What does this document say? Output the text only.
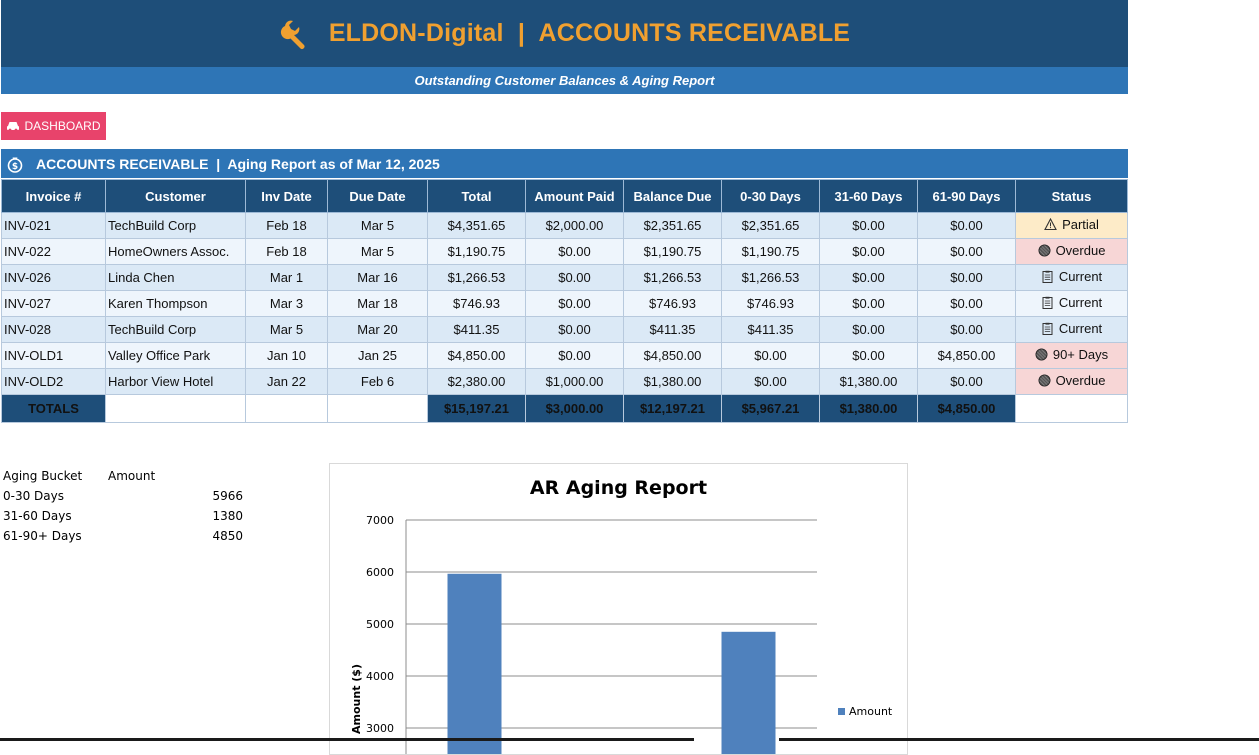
ELDON-Digital  |  ACCOUNTS RECEIVABLE
Outstanding Customer Balances & Aging Report
DASHBOARD
$ ACCOUNTS RECEIVABLE  |  Aging Report as of Mar 12, 2025
Invoice #	Customer	Inv Date	Due Date	Total	Amount Paid	Balance Due	0-30 Days	31-60 Days	61-90 Days	Status
INV-021	TechBuild Corp	Feb 18	Mar 5	$4,351.65	$2,000.00	$2,351.65	$2,351.65	$0.00	$0.00	Partial

INV-022	HomeOwners Assoc.	Feb 18	Mar 5	$1,190.75	$0.00	$1,190.75	$1,190.75	$0.00	$0.00	Overdue

INV-026	Linda Chen	Mar 1	Mar 16	$1,266.53	$0.00	$1,266.53	$1,266.53	$0.00	$0.00	Current

INV-027	Karen Thompson	Mar 3	Mar 18	$746.93	$0.00	$746.93	$746.93	$0.00	$0.00	Current

INV-028	TechBuild Corp	Mar 5	Mar 20	$411.35	$0.00	$411.35	$411.35	$0.00	$0.00	Current

INV-OLD1	Valley Office Park	Jan 10	Jan 25	$4,850.00	$0.00	$4,850.00	$0.00	$0.00	$4,850.00	90+ Days

INV-OLD2	Harbor View Hotel	Jan 22	Feb 6	$2,380.00	$1,000.00	$1,380.00	$0.00	$1,380.00	$0.00	Overdue

TOTALS				$15,197.21	$3,000.00	$12,197.21	$5,967.21	$1,380.00	$4,850.00	
Aging Bucket	Amount
0-30 Days	5966
31-60 Days	1380
61-90+ Days	4850
AR Aging Report
3000
4000
5000
6000
7000
Amount ($)	Amount
